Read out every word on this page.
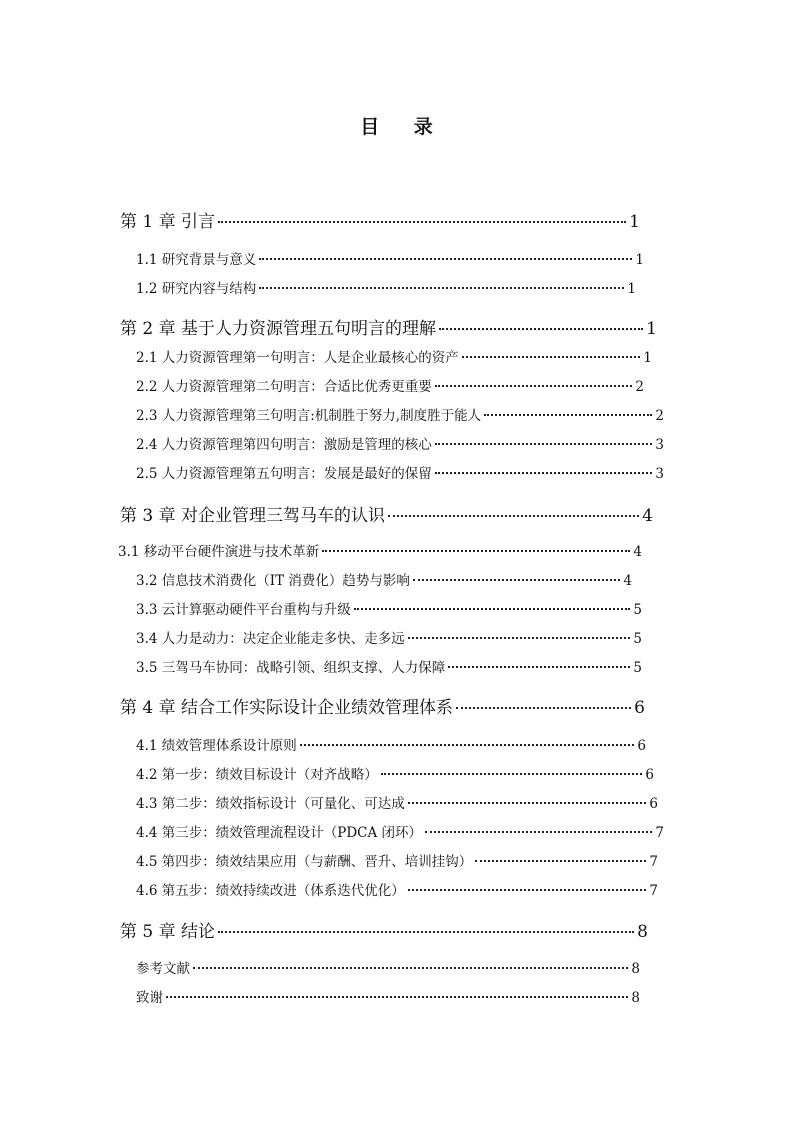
目 录
第 1 章 引言	1
1.1 研究背景与意义	1
1.2 研究内容与结构	1
第 2 章 基于人力资源管理五句明言的理解	1
2.1 人力资源管理第一句明言：人是企业最核心的资产	1
2.2 人力资源管理第二句明言：合适比优秀更重要	2
2.3 人力资源管理第三句明言:机制胜于努力,制度胜于能人	2
2.4 人力资源管理第四句明言：激励是管理的核心	3
2.5 人力资源管理第五句明言：发展是最好的保留	3
第 3 章 对企业管理三驾马车的认识	4
3.1 移动平台硬件演进与技术革新	4
3.2 信息技术消费化（IT 消费化）趋势与影响	4
3.3 云计算驱动硬件平台重构与升级	5
3.4 人力是动力：决定企业能走多快、走多远	5
3.5 三驾马车协同：战略引领、组织支撑、人力保障	5
第 4 章 结合工作实际设计企业绩效管理体系	6
4.1 绩效管理体系设计原则	6
4.2 第一步：绩效目标设计（对齐战略）	6
4.3 第二步：绩效指标设计（可量化、可达成	6
4.4 第三步：绩效管理流程设计（PDCA 闭环）	7
4.5 第四步：绩效结果应用（与薪酬、晋升、培训挂钩）	7
4.6 第五步：绩效持续改进（体系迭代优化）	7
第 5 章 结论	8
参考文献	8
致谢	8
